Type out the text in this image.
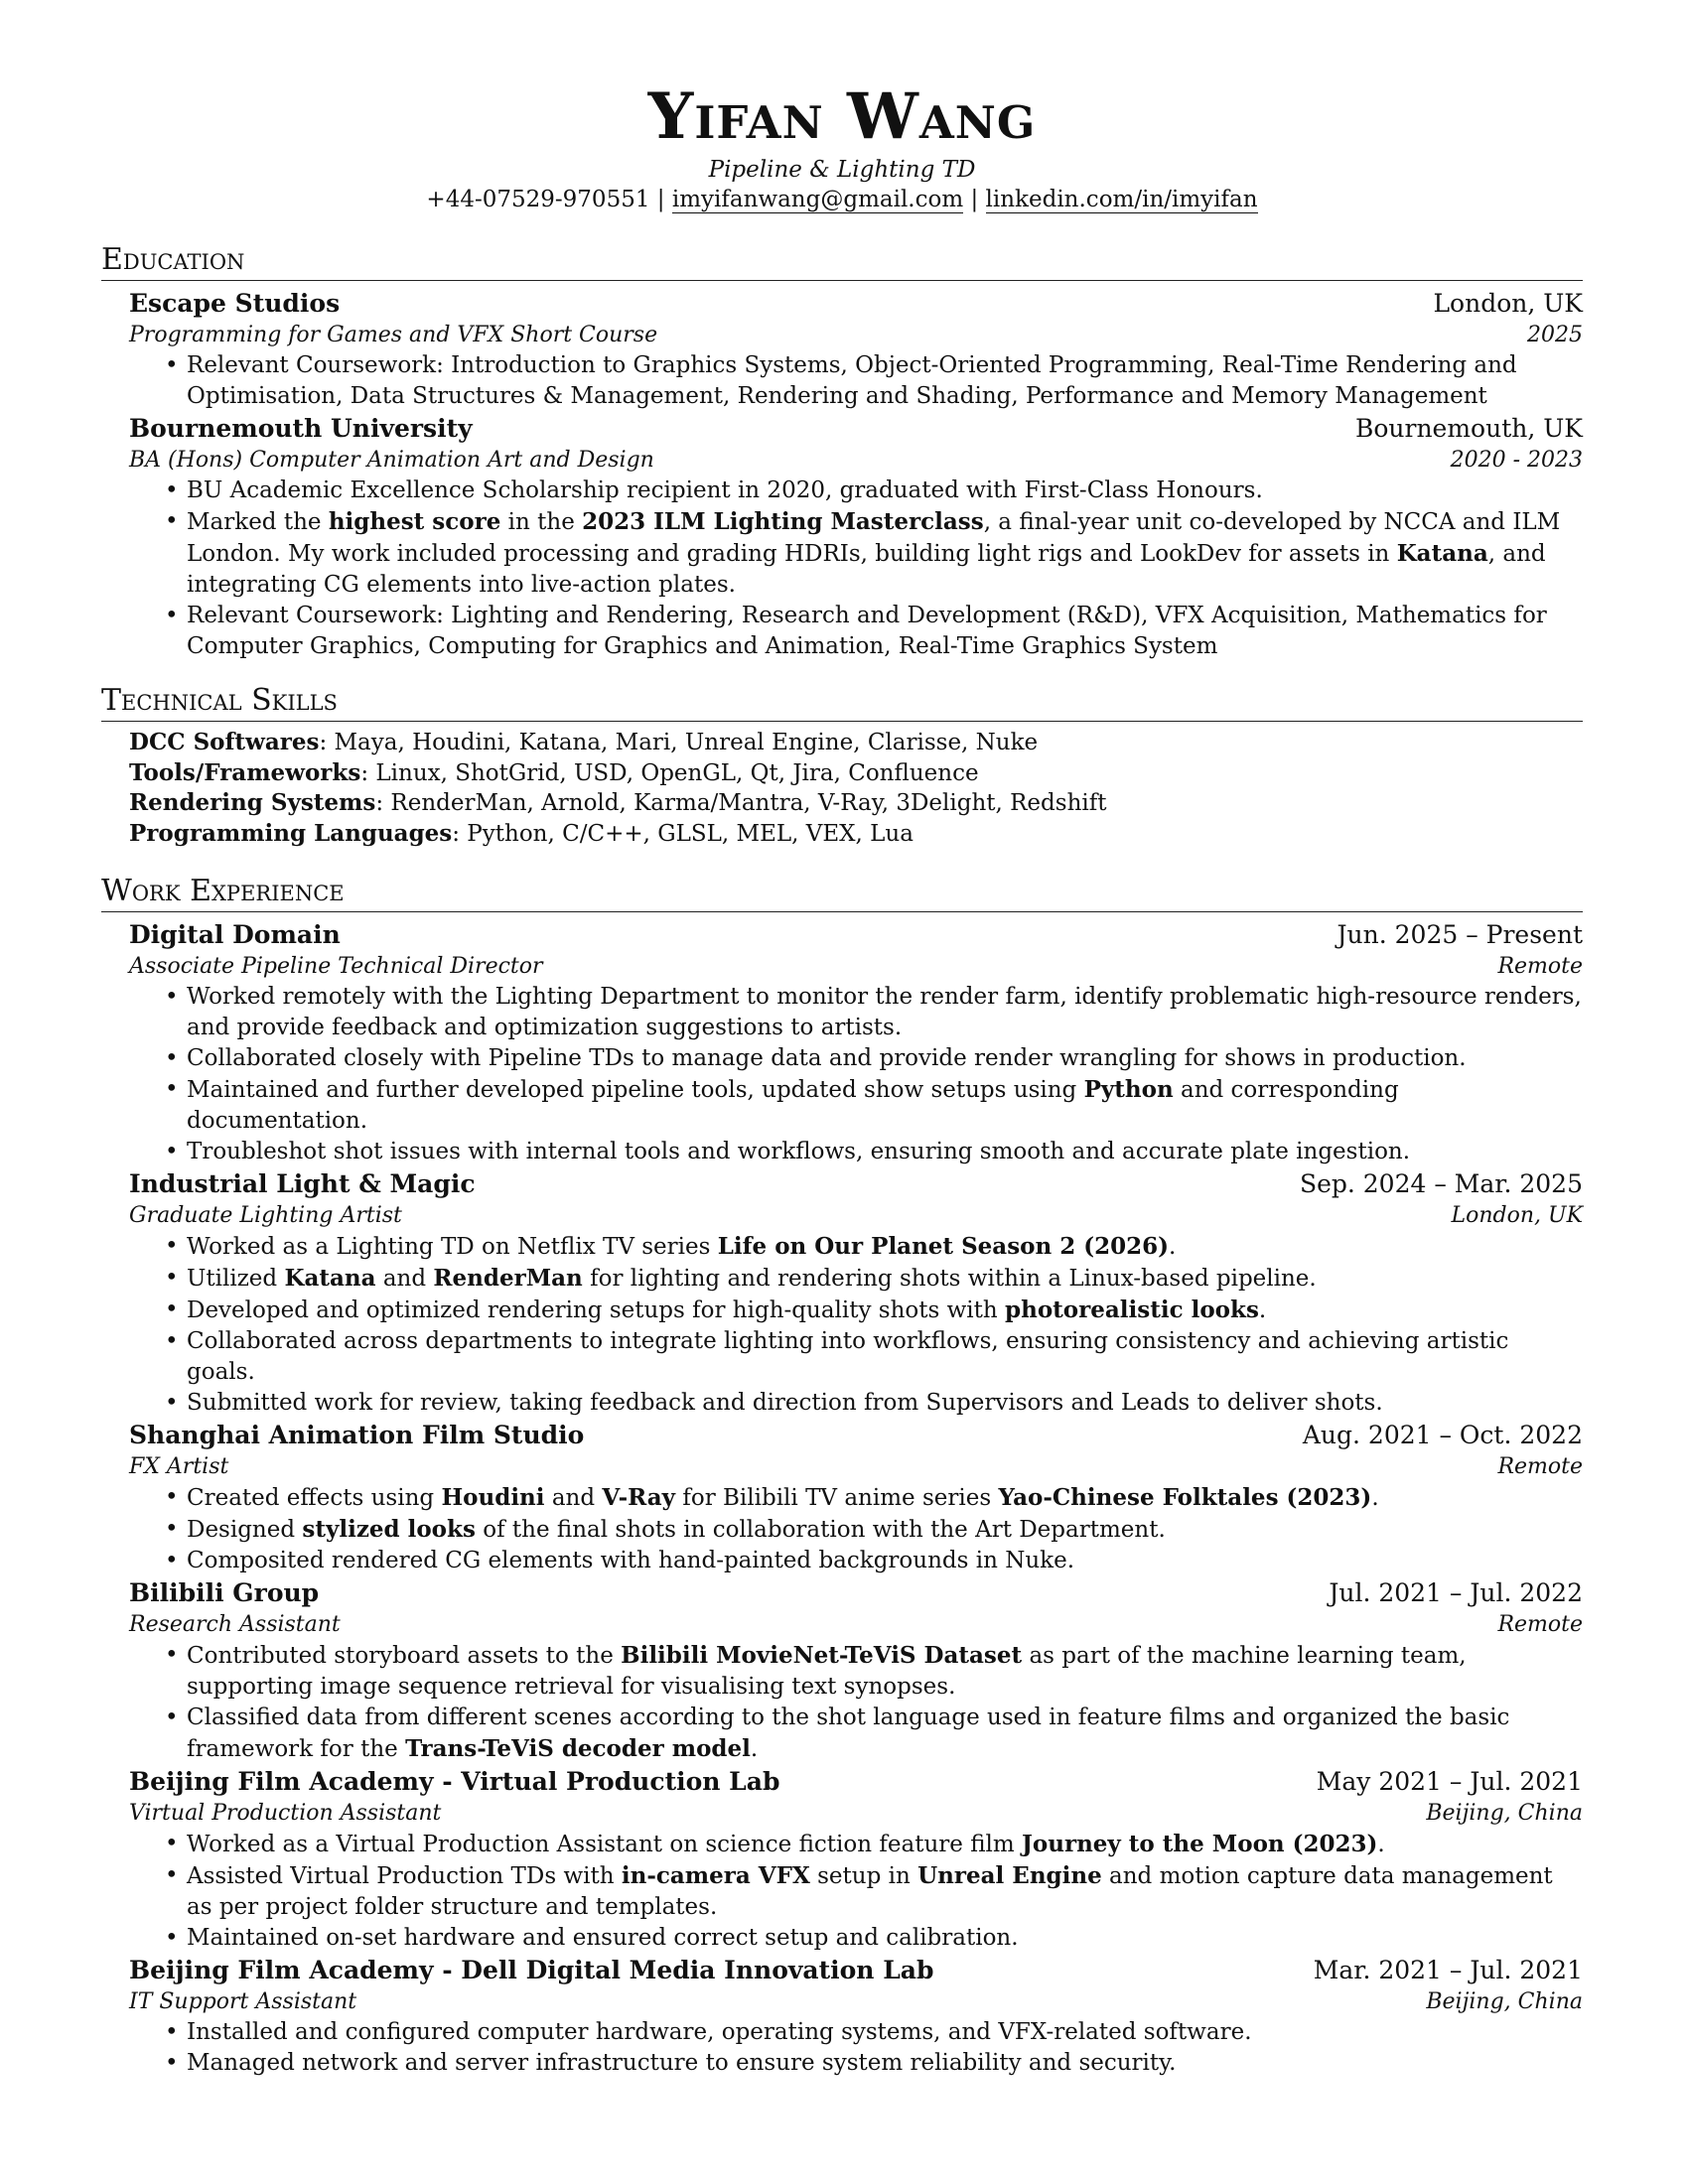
Yifan Wang
Pipeline & Lighting TD
+44-07529-970551 | imyifanwang@gmail.com | linkedin.com/in/imyifan
Education
Escape Studios	London, UK
Programming for Games and VFX Short Course	2025
• Relevant Coursework: Introduction to Graphics Systems, Object-Oriented Programming, Real-Time Rendering and Optimisation, Data Structures & Management, Rendering and Shading, Performance and Memory Management
Bournemouth University	Bournemouth, UK
BA (Hons) Computer Animation Art and Design	2020 - 2023
• BU Academic Excellence Scholarship recipient in 2020, graduated with First-Class Honours.
• Marked the highest score in the 2023 ILM Lighting Masterclass, a final-year unit co-developed by NCCA and ILM London. My work included processing and grading HDRIs, building light rigs and LookDev for assets in Katana, and integrating CG elements into live-action plates.
• Relevant Coursework: Lighting and Rendering, Research and Development (R&D), VFX Acquisition, Mathematics for Computer Graphics, Computing for Graphics and Animation, Real-Time Graphics System
Technical Skills
DCC Softwares: Maya, Houdini, Katana, Mari, Unreal Engine, Clarisse, Nuke
Tools/Frameworks: Linux, ShotGrid, USD, OpenGL, Qt, Jira, Confluence
Rendering Systems: RenderMan, Arnold, Karma/Mantra, V-Ray, 3Delight, Redshift
Programming Languages: Python, C/C++, GLSL, MEL, VEX, Lua
Work Experience
Digital Domain	Jun. 2025 – Present
Associate Pipeline Technical Director	Remote
• Worked remotely with the Lighting Department to monitor the render farm, identify problematic high-resource renders, and provide feedback and optimization suggestions to artists.
• Collaborated closely with Pipeline TDs to manage data and provide render wrangling for shows in production.
• Maintained and further developed pipeline tools, updated show setups using Python and corresponding documentation.
• Troubleshot shot issues with internal tools and workflows, ensuring smooth and accurate plate ingestion.
Industrial Light & Magic	Sep. 2024 – Mar. 2025
Graduate Lighting Artist	London, UK
• Worked as a Lighting TD on Netflix TV series Life on Our Planet Season 2 (2026).
• Utilized Katana and RenderMan for lighting and rendering shots within a Linux-based pipeline.
• Developed and optimized rendering setups for high-quality shots with photorealistic looks.
• Collaborated across departments to integrate lighting into workflows, ensuring consistency and achieving artistic goals.
• Submitted work for review, taking feedback and direction from Supervisors and Leads to deliver shots.
Shanghai Animation Film Studio	Aug. 2021 – Oct. 2022
FX Artist	Remote
• Created effects using Houdini and V-Ray for Bilibili TV anime series Yao-Chinese Folktales (2023).
• Designed stylized looks of the final shots in collaboration with the Art Department.
• Composited rendered CG elements with hand-painted backgrounds in Nuke.
Bilibili Group	Jul. 2021 – Jul. 2022
Research Assistant	Remote
• Contributed storyboard assets to the Bilibili MovieNet-TeViS Dataset as part of the machine learning team, supporting image sequence retrieval for visualising text synopses.
• Classified data from different scenes according to the shot language used in feature films and organized the basic framework for the Trans-TeViS decoder model.
Beijing Film Academy - Virtual Production Lab	May 2021 – Jul. 2021
Virtual Production Assistant	Beijing, China
• Worked as a Virtual Production Assistant on science fiction feature film Journey to the Moon (2023).
• Assisted Virtual Production TDs with in-camera VFX setup in Unreal Engine and motion capture data management as per project folder structure and templates.
• Maintained on-set hardware and ensured correct setup and calibration.
Beijing Film Academy - Dell Digital Media Innovation Lab	Mar. 2021 – Jul. 2021
IT Support Assistant	Beijing, China
• Installed and configured computer hardware, operating systems, and VFX-related software.
• Managed network and server infrastructure to ensure system reliability and security.
